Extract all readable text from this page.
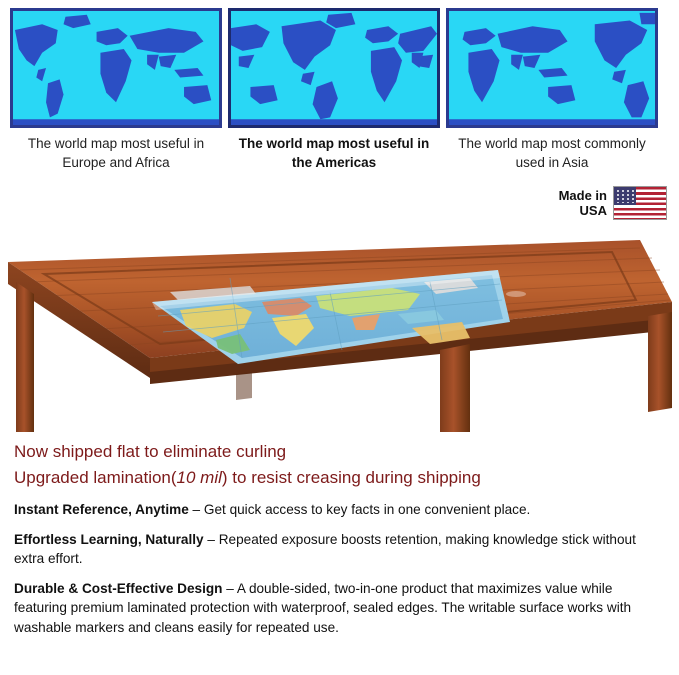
The world map most useful in Europe and Africa
The world map most useful in the Americas
The world map most commonly used in Asia
Made in
USA

Now shipped flat to eliminate curling

Upgraded lamination(10 mil) to resist creasing during shipping

Instant Reference, Anytime – Get quick access to key facts in one convenient place.

Effortless Learning, Naturally – Repeated exposure boosts retention, making knowledge stick without extra effort.

Durable & Cost-Effective Design – A double-sided, two-in-one product that maximizes value while featuring premium laminated protection with waterproof, sealed edges. The writable surface works with washable markers and cleans easily for repeated use.
